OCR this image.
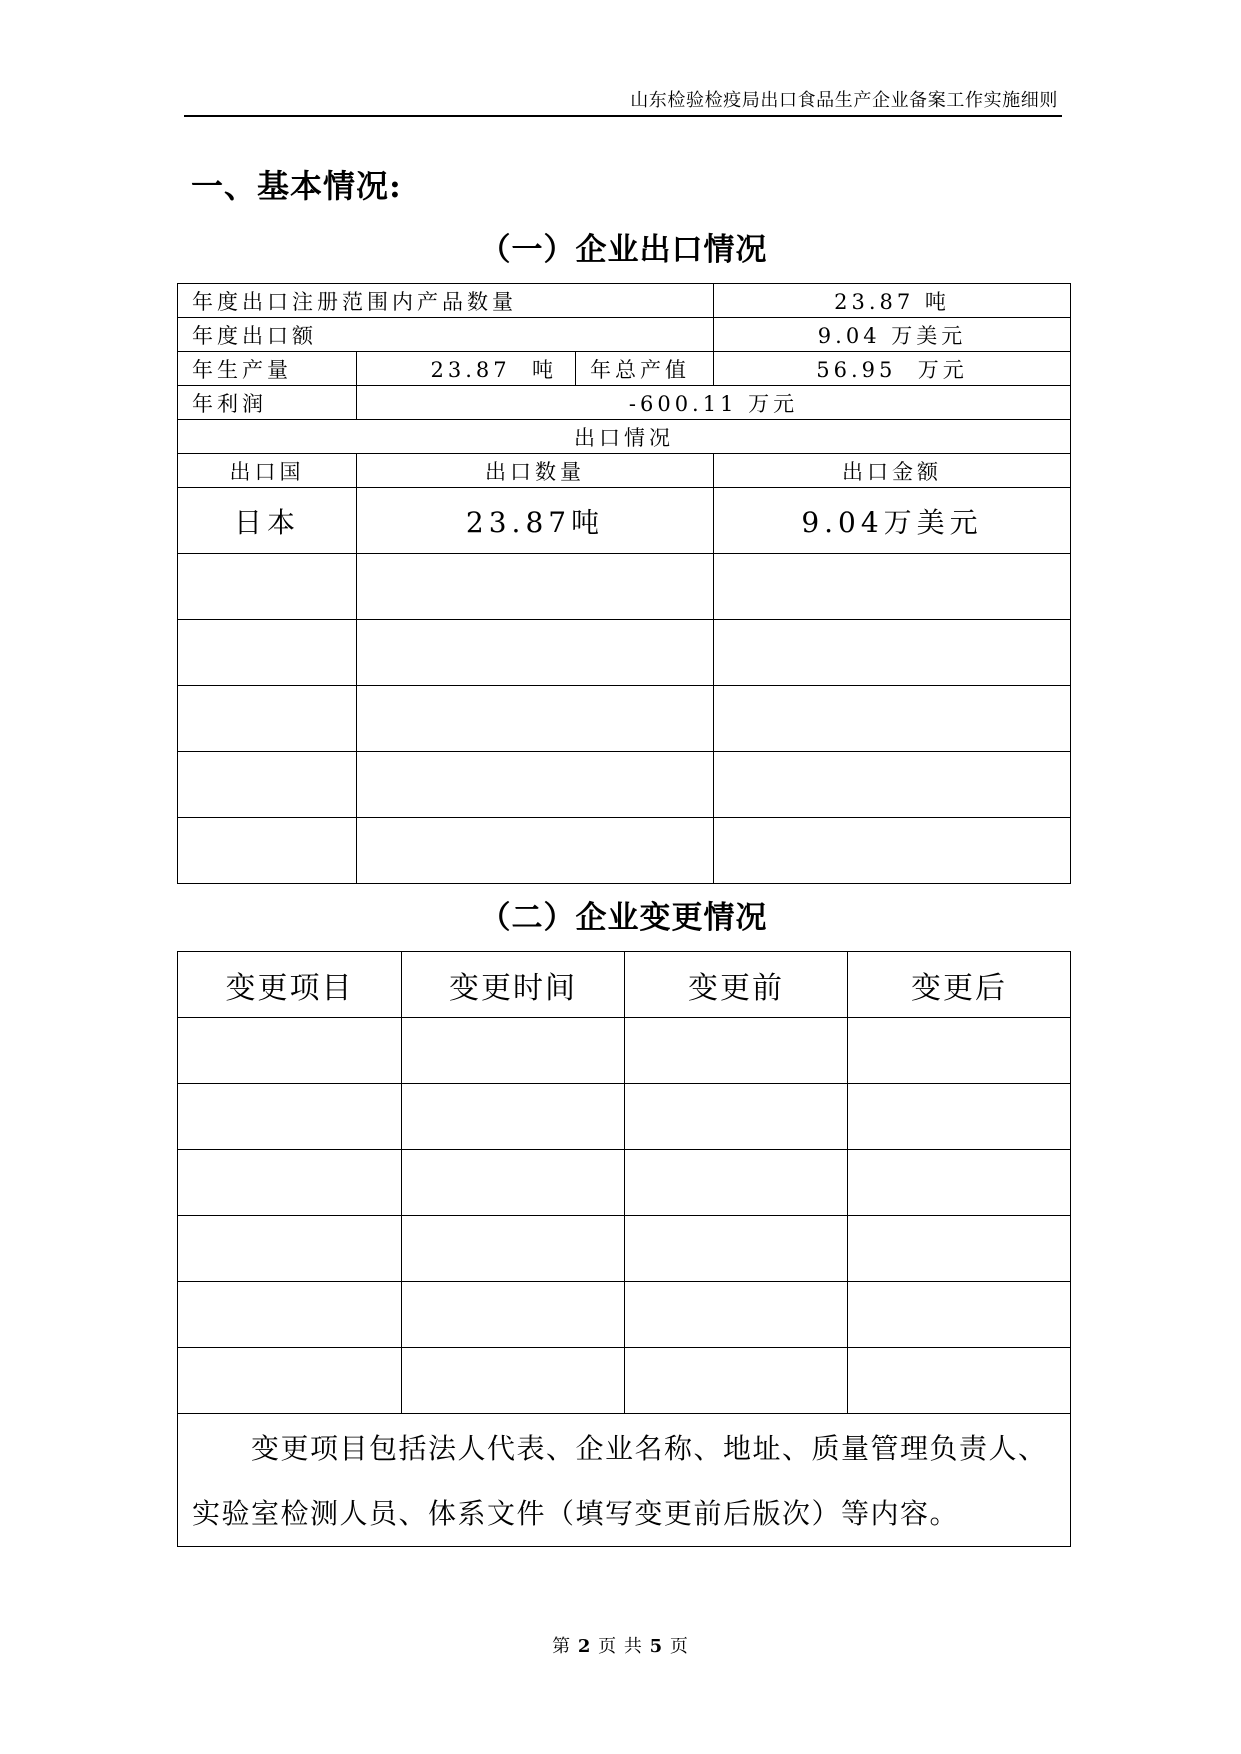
山东检验检疫局出口食品生产企业备案工作实施细则
一、基本情况:
（一）企业出口情况
年度出口注册范围内产品数量			23.87 吨
年度出口额			9.04 万美元
年生产量	23.87  吨	年总产值	56.95  万元
年利润	-600.11 万元		
出口情况			
出口国	出口数量		出口金额
日本	23.87吨		9.04万美元

（二）企业变更情况
变更项目	变更时间	变更前	变更后

变更项目包括法人代表、企业名称、地址、质量管理负责人、
实验室检测人员、体系文件（填写变更前后版次）等内容。			
第 2 页 共 5 页
